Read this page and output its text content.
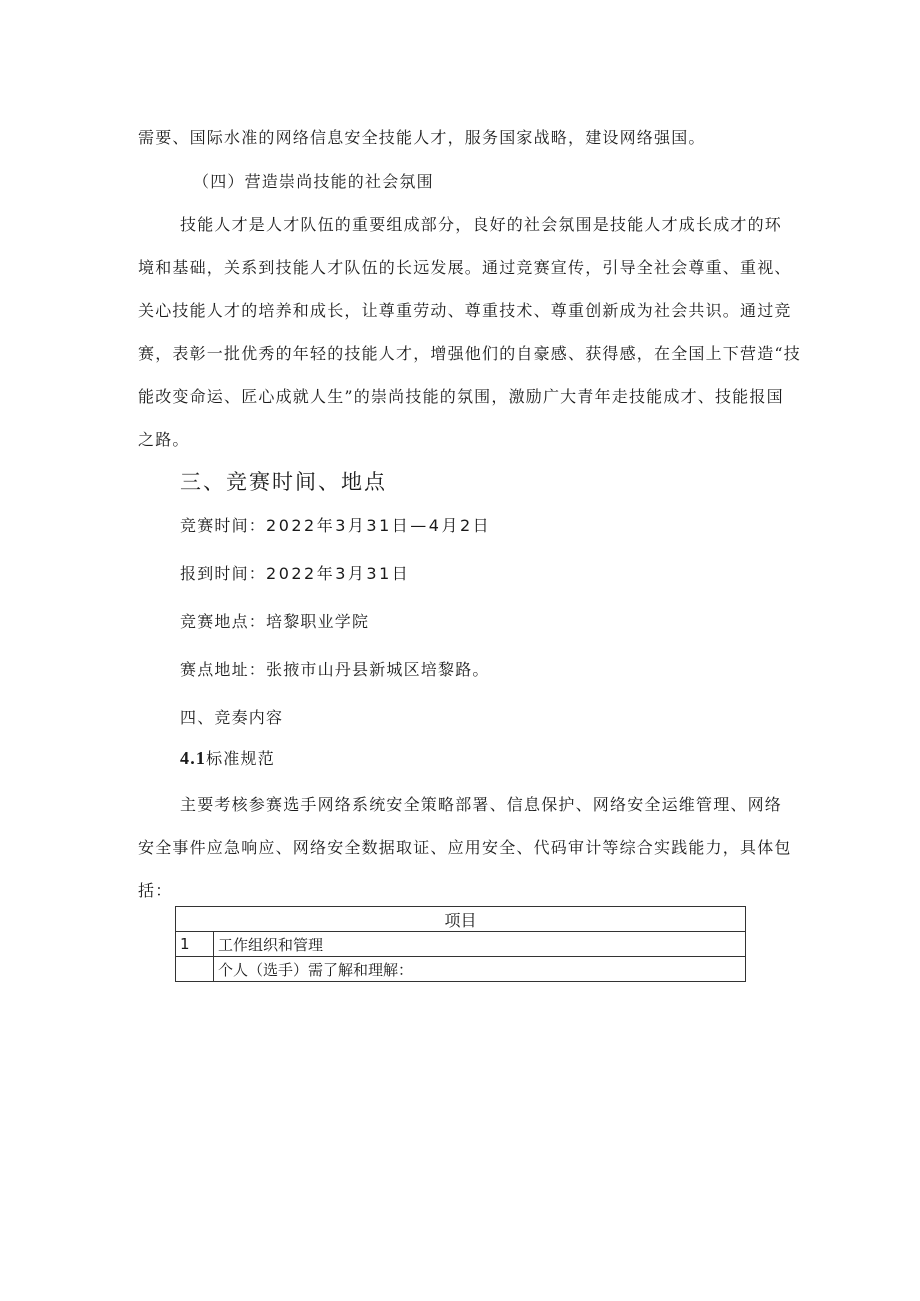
需要、国际水准的网络信息安全技能人才，服务国家战略，建设网络强国。
（四）营造崇尚技能的社会氛围
技能人才是人才队伍的重要组成部分，良好的社会氛围是技能人才成长成才的环
境和基础，关系到技能人才队伍的长远发展。通过竞赛宣传，引导全社会尊重、重视、
关心技能人才的培养和成长，让尊重劳动、尊重技术、尊重创新成为社会共识。通过竞
赛，表彰一批优秀的年轻的技能人才，增强他们的自豪感、获得感，在全国上下营造“技
能改变命运、匠心成就人生”的崇尚技能的氛围，激励广大青年走技能成才、技能报国
之路。
三、竞赛时间、地点
竞赛时间：2022年3月31日—4月2日
报到时间：2022年3月31日
竞赛地点：培黎职业学院
赛点地址：张掖市山丹县新城区培黎路。
四、竞奏内容
4.1标准规范
主要考核参赛选手网络系统安全策略部署、信息保护、网络安全运维管理、网络
安全事件应急响应、网络安全数据取证、应用安全、代码审计等综合实践能力，具体包
括：
项目	
1	工作组织和管理
	个人（选手）需了解和理解：
